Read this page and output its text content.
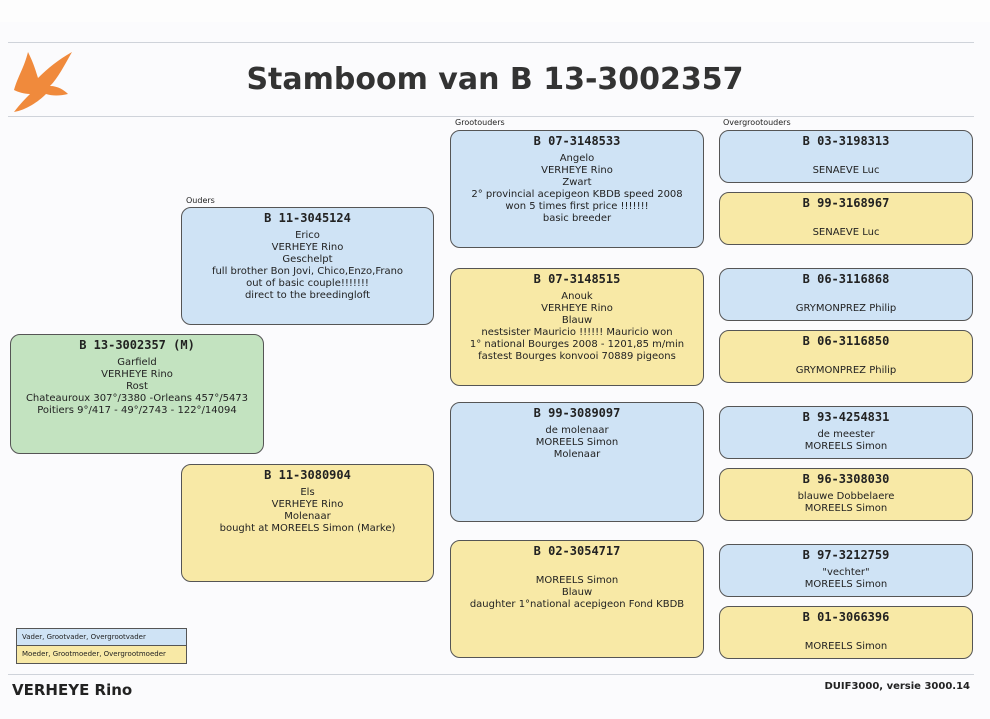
Stamboom van B 13-3002357
Ouders
Grootouders	Overgrootouders
B 13-3002357 (M)
Garfield
VERHEYE Rino
Rost
Chateauroux 307°/3380 -Orleans 457°/5473
Poitiers 9°/417 - 49°/2743 - 122°/14094
B 11-3045124
Erico
VERHEYE Rino
Geschelpt
full brother Bon Jovi, Chico,Enzo,Frano
out of basic couple!!!!!!!
direct to the breedingloft
B 11-3080904
Els
VERHEYE Rino
Molenaar
bought at MOREELS Simon (Marke)
B 07-3148533
Angelo
VERHEYE Rino
Zwart
2° provincial acepigeon KBDB speed 2008
won 5 times first price !!!!!!!
basic breeder
B 07-3148515
Anouk
VERHEYE Rino
Blauw
nestsister Mauricio !!!!!! Mauricio won
1° national Bourges 2008 - 1201,85 m/min
fastest Bourges konvooi 70889 pigeons
B 99-3089097
de molenaar
MOREELS Simon
Molenaar
B 02-3054717
MOREELS Simon
Blauw
daughter 1°national acepigeon Fond KBDB
B 03-3198313
SENAEVE Luc
B 99-3168967
SENAEVE Luc
B 06-3116868
GRYMONPREZ Philip
B 06-3116850
GRYMONPREZ Philip
B 93-4254831
de meester
MOREELS Simon
B 96-3308030
blauwe Dobbelaere
MOREELS Simon
B 97-3212759
"vechter"
MOREELS Simon
B 01-3066396
MOREELS Simon
Vader, Grootvader, Overgrootvader
Moeder, Grootmoeder, Overgrootmoeder
VERHEYE Rino	DUIF3000, versie 3000.14
